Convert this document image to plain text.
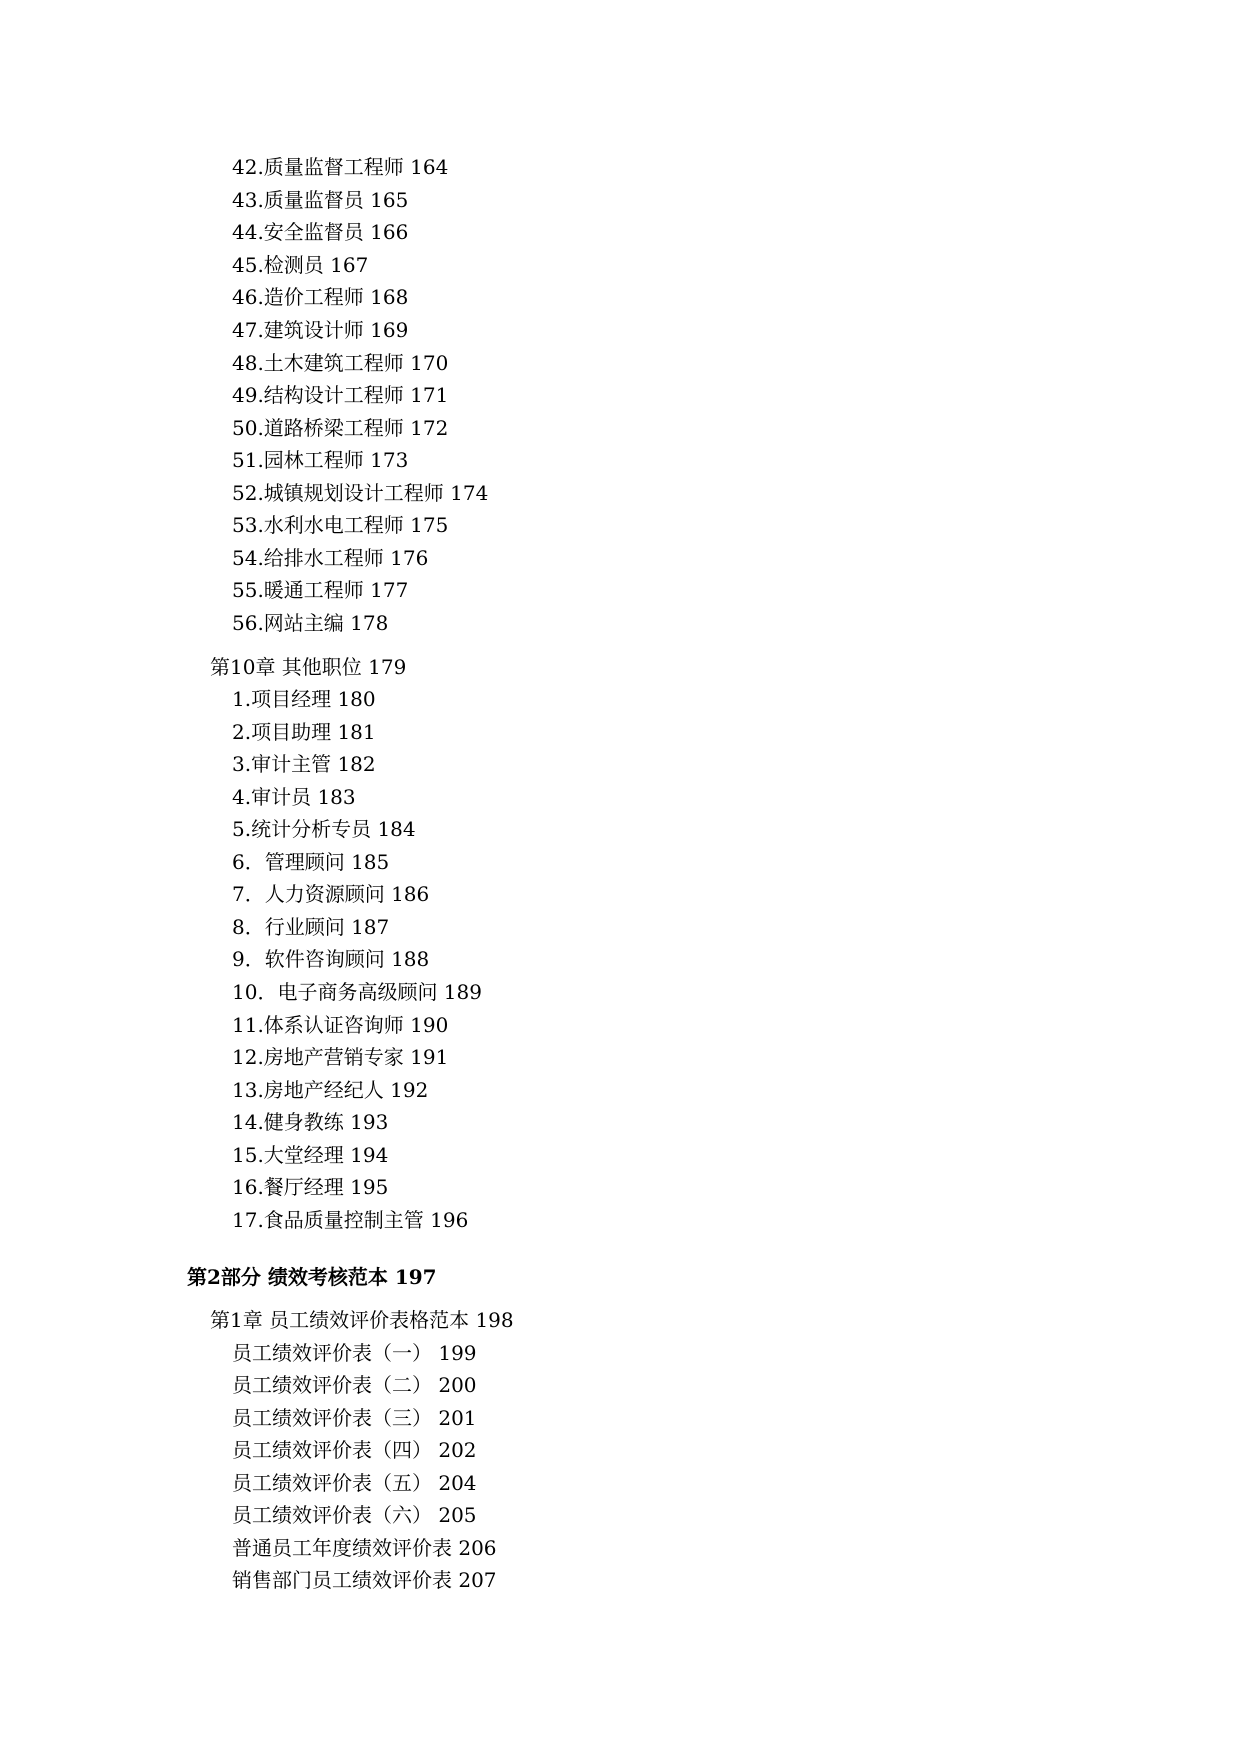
42.质量监督工程师 164
43.质量监督员 165
44.安全监督员 166
45.检测员 167
46.造价工程师 168
47.建筑设计师 169
48.土木建筑工程师 170
49.结构设计工程师 171
50.道路桥梁工程师 172
51.园林工程师 173
52.城镇规划设计工程师 174
53.水利水电工程师 175
54.给排水工程师 176
55.暖通工程师 177
56.网站主编 178
第10章 其他职位 179
1.项目经理 180
2.项目助理 181
3.审计主管 182
4.审计员 183
5.统计分析专员 184
6．管理顾问 185
7．人力资源顾问 186
8．行业顾问 187
9．软件咨询顾问 188
10．电子商务高级顾问 189
11.体系认证咨询师 190
12.房地产营销专家 191
13.房地产经纪人 192
14.健身教练 193
15.大堂经理 194
16.餐厅经理 195
17.食品质量控制主管 196
第2部分 绩效考核范本 197
第1章 员工绩效评价表格范本 198
员工绩效评价表（一） 199
员工绩效评价表（二） 200
员工绩效评价表（三） 201
员工绩效评价表（四） 202
员工绩效评价表（五） 204
员工绩效评价表（六） 205
普通员工年度绩效评价表 206
销售部门员工绩效评价表 207
